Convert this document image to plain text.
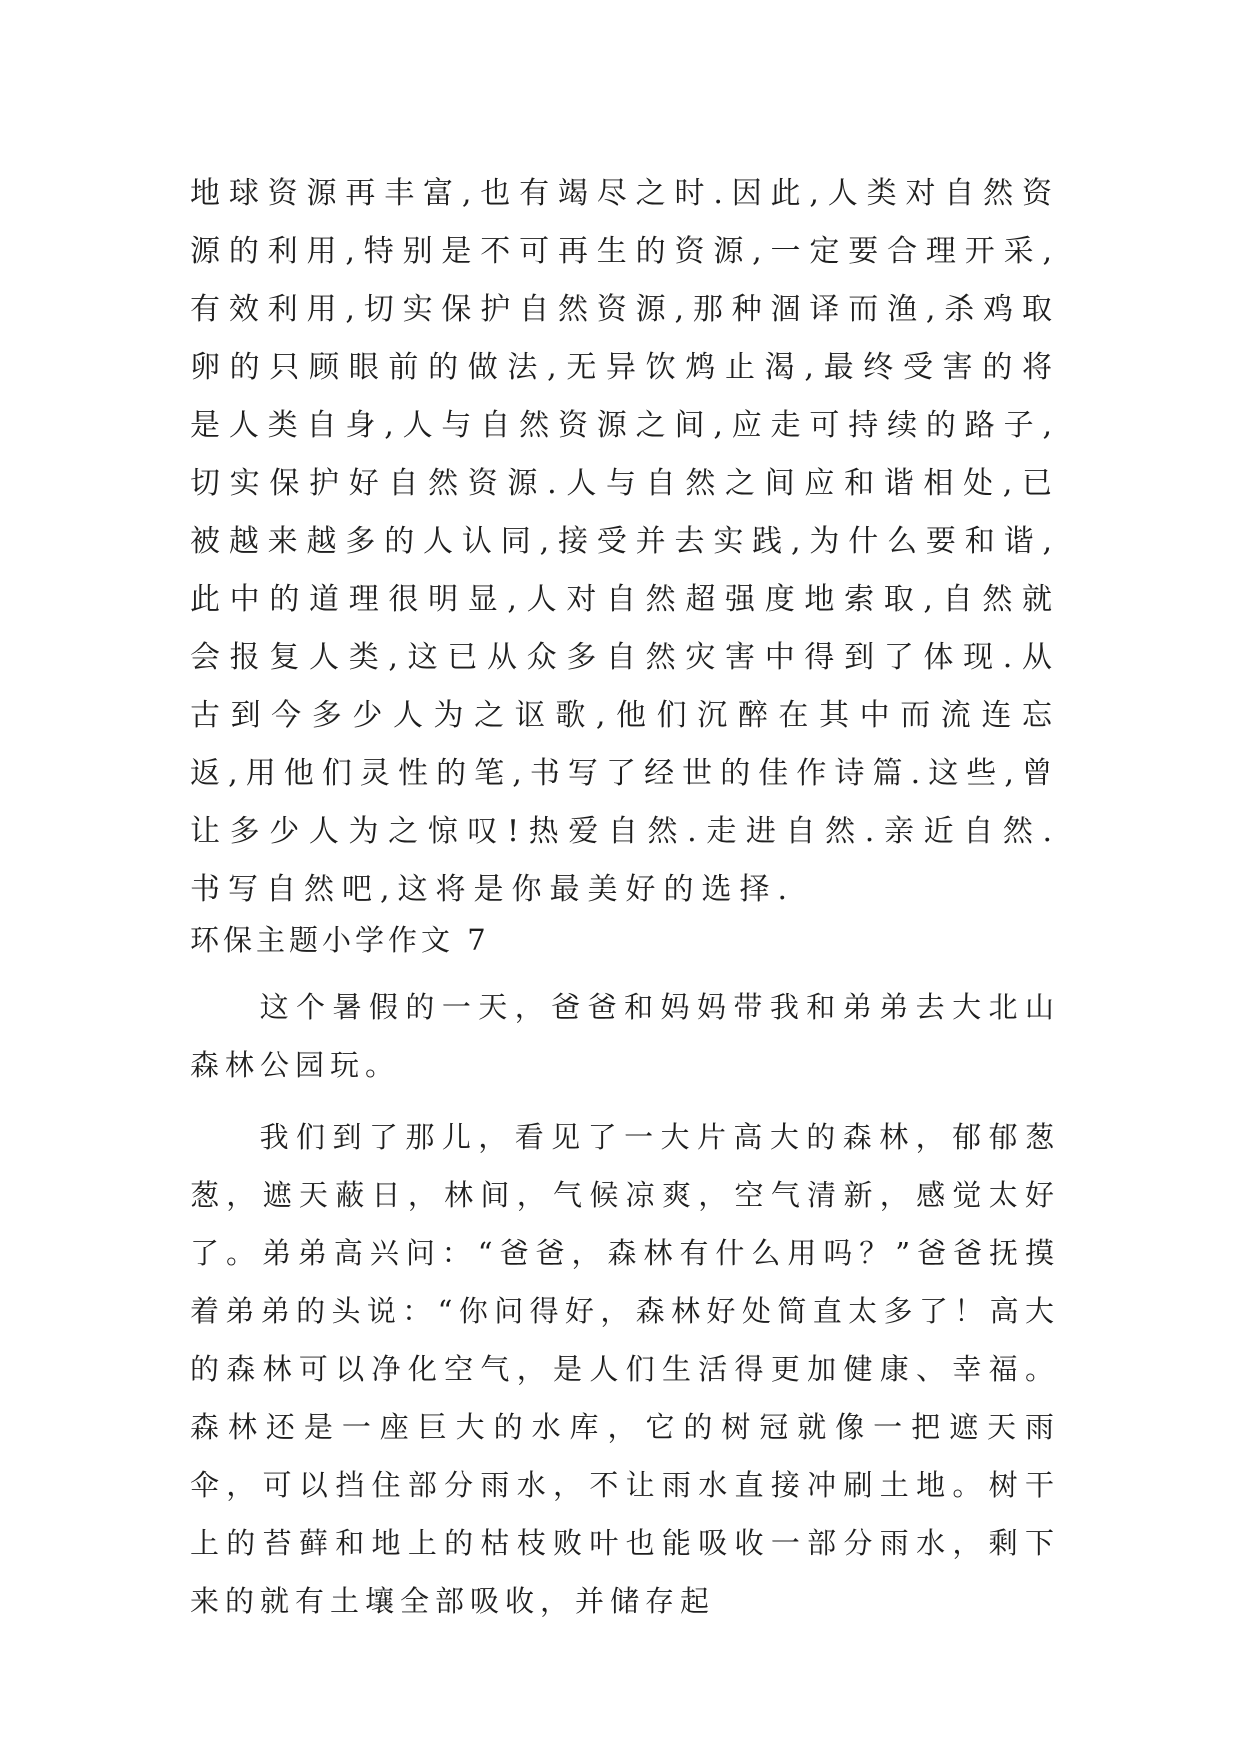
地球资源再丰富,也有竭尽之时.因此,人类对自然资源的利用,特别是不可再生的资源,一定要合理开采,有效利用,切实保护自然资源,那种涸译而渔,杀鸡取卵的只顾眼前的做法,无异饮鸩止渴,最终受害的将是人类自身,人与自然资源之间,应走可持续的路子,切实保护好自然资源.人与自然之间应和谐相处,已被越来越多的人认同,接受并去实践,为什么要和谐,此中的道理很明显,人对自然超强度地索取,自然就会报复人类,这已从众多自然灾害中得到了体现.从古到今多少人为之讴歌,他们沉醉在其中而流连忘返,用他们灵性的笔,书写了经世的佳作诗篇.这些,曾让多少人为之惊叹!热爱自然.走进自然.亲近自然.书写自然吧,这将是你最美好的选择.

环保主题小学作文 7

这个暑假的一天，爸爸和妈妈带我和弟弟去大北山森林公园玩。

我们到了那儿，看见了一大片高大的森林，郁郁葱葱，遮天蔽日，林间，气候凉爽，空气清新，感觉太好了。弟弟高兴问：“爸爸，森林有什么用吗？”爸爸抚摸着弟弟的头说：“你问得好，森林好处简直太多了！高大的森林可以净化空气，是人们生活得更加健康、幸福。森林还是一座巨大的水库，它的树冠就像一把遮天雨伞，可以挡住部分雨水，不让雨水直接冲刷土地。树干上的苔藓和地上的枯枝败叶也能吸收一部分雨水，剩下来的就有土壤全部吸收，并储存起
